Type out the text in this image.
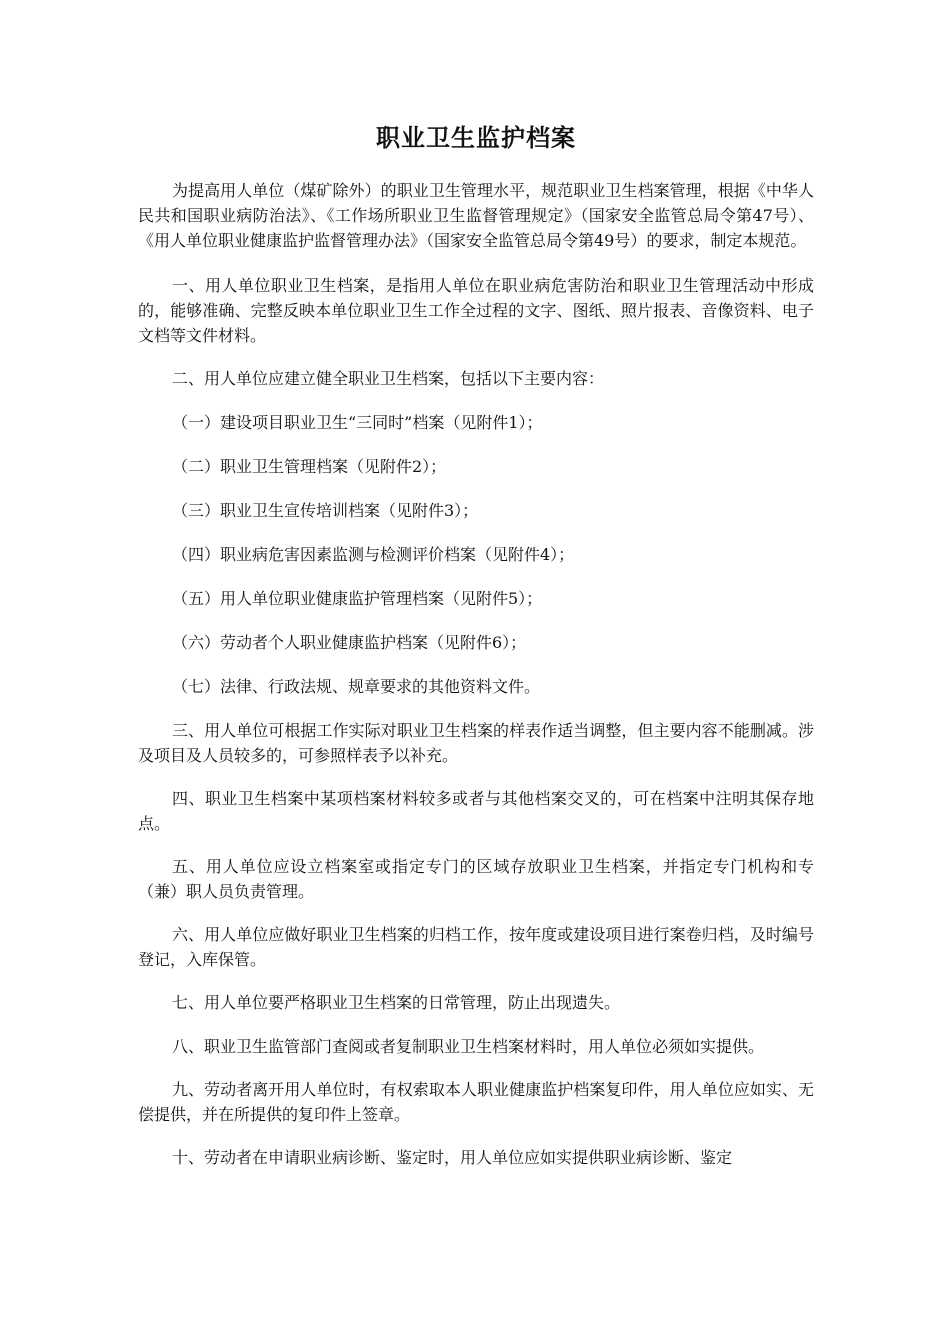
职业卫生监护档案

为提高用人单位（煤矿除外）的职业卫生管理水平，规范职业卫生档案管理，根据《中华人民共和国职业病防治法》、《工作场所职业卫生监督管理规定》（国家安全监管总局令第47号）、《用人单位职业健康监护监督管理办法》（国家安全监管总局令第49号）的要求，制定本规范。

一、用人单位职业卫生档案，是指用人单位在职业病危害防治和职业卫生管理活动中形成的，能够准确、完整反映本单位职业卫生工作全过程的文字、图纸、照片报表、音像资料、电子文档等文件材料。

二、用人单位应建立健全职业卫生档案，包括以下主要内容：

（一）建设项目职业卫生“三同时”档案（见附件1）；

（二）职业卫生管理档案（见附件2）；

（三）职业卫生宣传培训档案（见附件3）；

（四）职业病危害因素监测与检测评价档案（见附件4）；

（五）用人单位职业健康监护管理档案（见附件5）；

（六）劳动者个人职业健康监护档案（见附件6）；

（七）法律、行政法规、规章要求的其他资料文件。

三、用人单位可根据工作实际对职业卫生档案的样表作适当调整，但主要内容不能删减。涉及项目及人员较多的，可参照样表予以补充。

四、职业卫生档案中某项档案材料较多或者与其他档案交叉的，可在档案中注明其保存地点。

五、用人单位应设立档案室或指定专门的区域存放职业卫生档案，并指定专门机构和专（兼）职人员负责管理。

六、用人单位应做好职业卫生档案的归档工作，按年度或建设项目进行案卷归档，及时编号登记，入库保管。

七、用人单位要严格职业卫生档案的日常管理，防止出现遗失。

八、职业卫生监管部门查阅或者复制职业卫生档案材料时，用人单位必须如实提供。

九、劳动者离开用人单位时，有权索取本人职业健康监护档案复印件，用人单位应如实、无偿提供，并在所提供的复印件上签章。

十、劳动者在申请职业病诊断、鉴定时，用人单位应如实提供职业病诊断、鉴定
